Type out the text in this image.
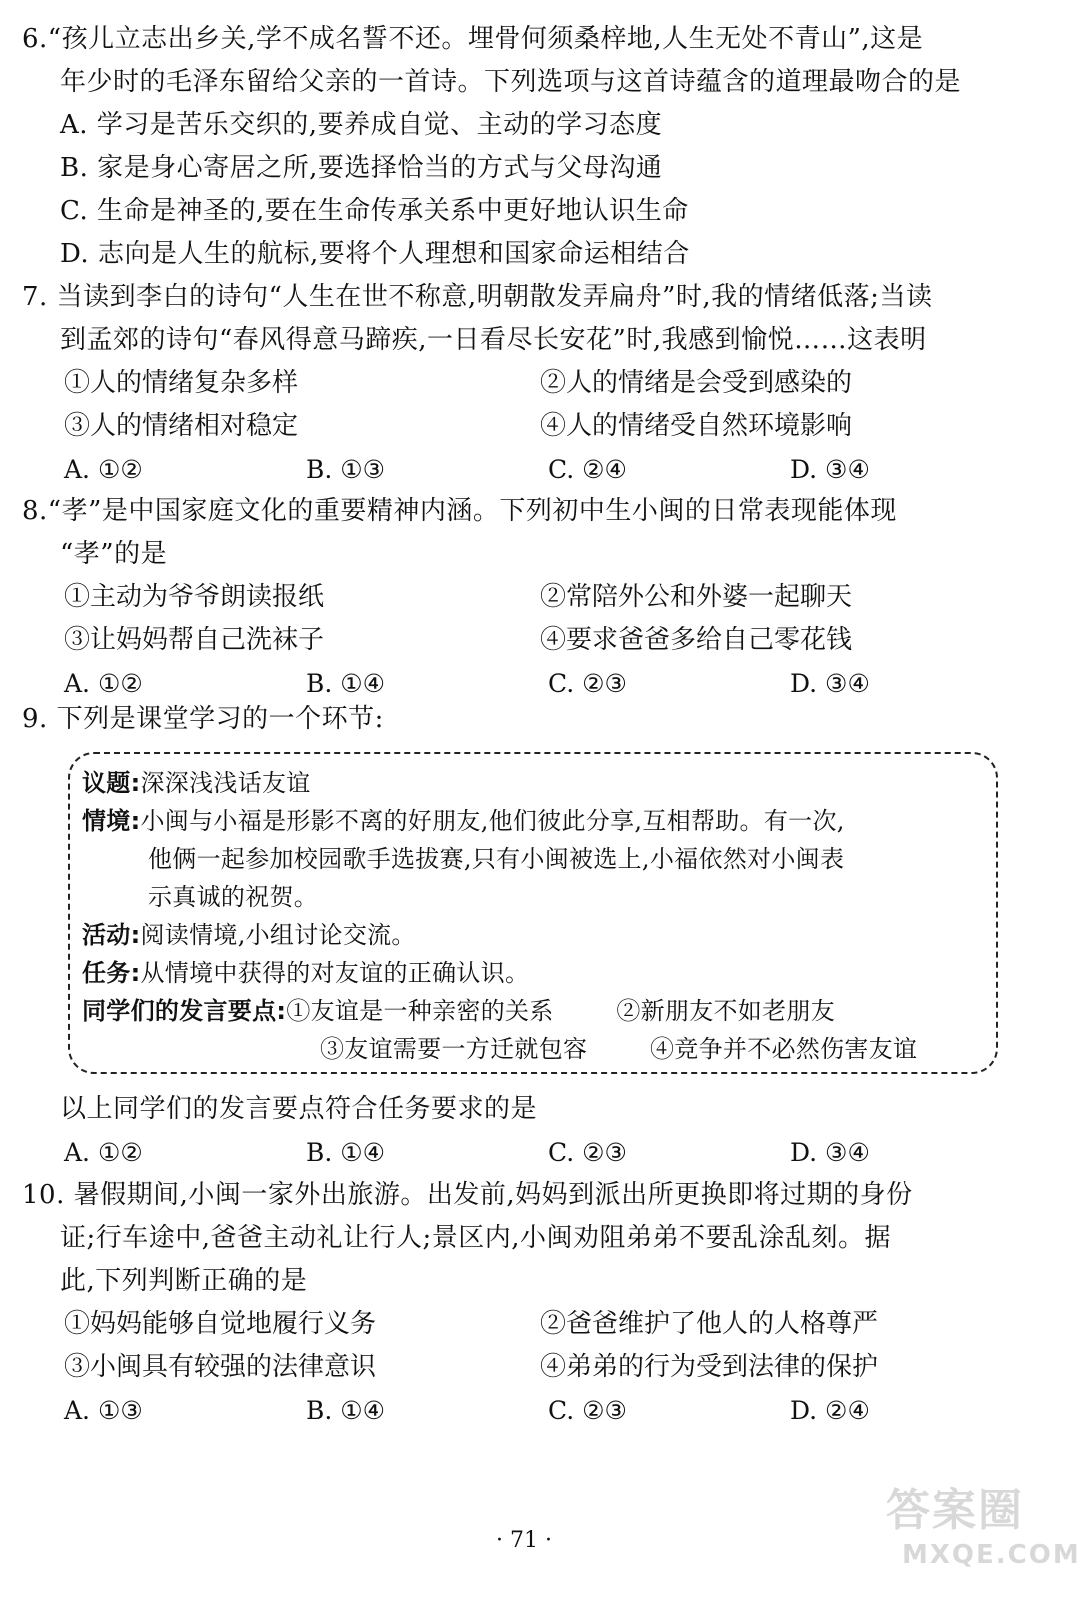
6.“孩儿立志出乡关,学不成名誓不还。埋骨何须桑梓地,人生无处不青山”,这是
年少时的毛泽东留给父亲的一首诗。下列选项与这首诗蕴含的道理最吻合的是
A. 学习是苦乐交织的,要养成自觉、主动的学习态度
B. 家是身心寄居之所,要选择恰当的方式与父母沟通
C. 生命是神圣的,要在生命传承关系中更好地认识生命
D. 志向是人生的航标,要将个人理想和国家命运相结合
7. 当读到李白的诗句“人生在世不称意,明朝散发弄扁舟”时,我的情绪低落;当读
到孟郊的诗句“春风得意马蹄疾,一日看尽长安花”时,我感到愉悦……这表明
①人的情绪复杂多样	②人的情绪是会受到感染的
③人的情绪相对稳定	④人的情绪受自然环境影响
A. ①②	B. ①③	C. ②④	D. ③④
8.“孝”是中国家庭文化的重要精神内涵。下列初中生小闽的日常表现能体现
“孝”的是
①主动为爷爷朗读报纸	②常陪外公和外婆一起聊天
③让妈妈帮自己洗袜子	④要求爸爸多给自己零花钱
A. ①②	B. ①④	C. ②③	D. ③④
9. 下列是课堂学习的一个环节:
议题:深深浅浅话友谊
情境:小闽与小福是形影不离的好朋友,他们彼此分享,互相帮助。有一次,
他俩一起参加校园歌手选拔赛,只有小闽被选上,小福依然对小闽表
示真诚的祝贺。
活动:阅读情境,小组讨论交流。
任务:从情境中获得的对友谊的正确认识。
同学们的发言要点:①友谊是一种亲密的关系	②新朋友不如老朋友
③友谊需要一方迁就包容	④竞争并不必然伤害友谊
以上同学们的发言要点符合任务要求的是
A. ①②	B. ①④	C. ②③	D. ③④
10. 暑假期间,小闽一家外出旅游。出发前,妈妈到派出所更换即将过期的身份
证;行车途中,爸爸主动礼让行人;景区内,小闽劝阻弟弟不要乱涂乱刻。据
此,下列判断正确的是
①妈妈能够自觉地履行义务	②爸爸维护了他人的人格尊严
③小闽具有较强的法律意识	④弟弟的行为受到法律的保护
A. ①③	B. ①④	C. ②③	D. ②④
· 71 ·
答案圈
MXQE.COM
